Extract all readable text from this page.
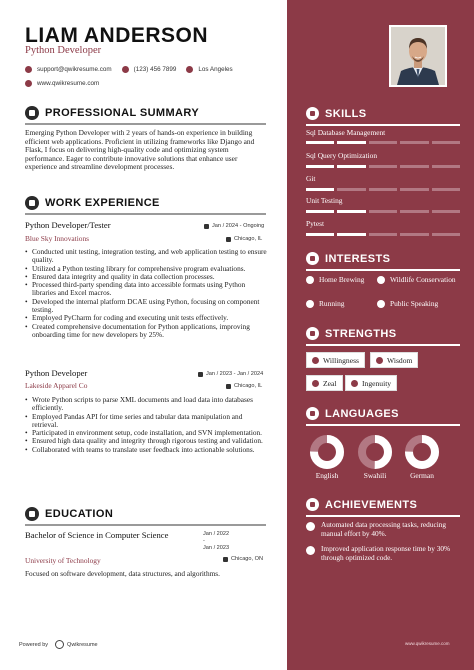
LIAM ANDERSON
Python Developer
support@qwikresume.com	(123) 456 7899	Los Angeles
www.qwikresume.com
PROFESSIONAL SUMMARY
Emerging Python Developer with 2 years of hands-on experience in building efficient web applications. Proficient in utilizing frameworks like Django and Flask, I focus on delivering high-quality code and optimizing system performance. Eager to contribute innovative solutions that enhance user experience and streamline development processes.
WORK EXPERIENCE
Python Developer/Tester	Jan / 2024 - Ongoing
Blue Sky Innovations	Chicago, IL
• Conducted unit testing, integration testing, and web application testing to ensure quality.
• Utilized a Python testing library for comprehensive program evaluations.
• Ensured data integrity and quality in data collection processes.
• Processed third-party spending data into accessible formats using Python libraries and Excel macros.
• Developed the internal platform DCAE using Python, focusing on component testing.
• Employed PyCharm for coding and executing unit tests effectively.
• Created comprehensive documentation for Python applications, improving onboarding time for new developers by 25%.
Python Developer	Jan / 2023 - Jan / 2024
Lakeside Apparel Co	Chicago, IL
• Wrote Python scripts to parse XML documents and load data into databases efficiently.
• Employed Pandas API for time series and tabular data manipulation and retrieval.
• Participated in environment setup, code installation, and SVN implementation.
• Ensured high data quality and integrity through rigorous testing and validation.
• Collaborated with teams to translate user feedback into actionable solutions.
EDUCATION
Bachelor of Science in Computer Science	Jan / 2022
-
Jan / 2023
University of Technology	Chicago, ON
Focused on software development, data structures, and algorithms.
Powered by	Qwikresume
SKILLS
Sql Database Management
Sql Query Optimization
Git
Unit Testing
Pytest
INTERESTS
Home Brewing	Wildlife Conservation
Running	Public Speaking
STRENGTHS
Willingness	Wisdom
Zeal	Ingenuity
LANGUAGES
English	Swahili	German
ACHIEVEMENTS
Automated data processing tasks, reducing manual effort by 40%.
Improved application response time by 30% through optimized code.
www.qwikresume.com
